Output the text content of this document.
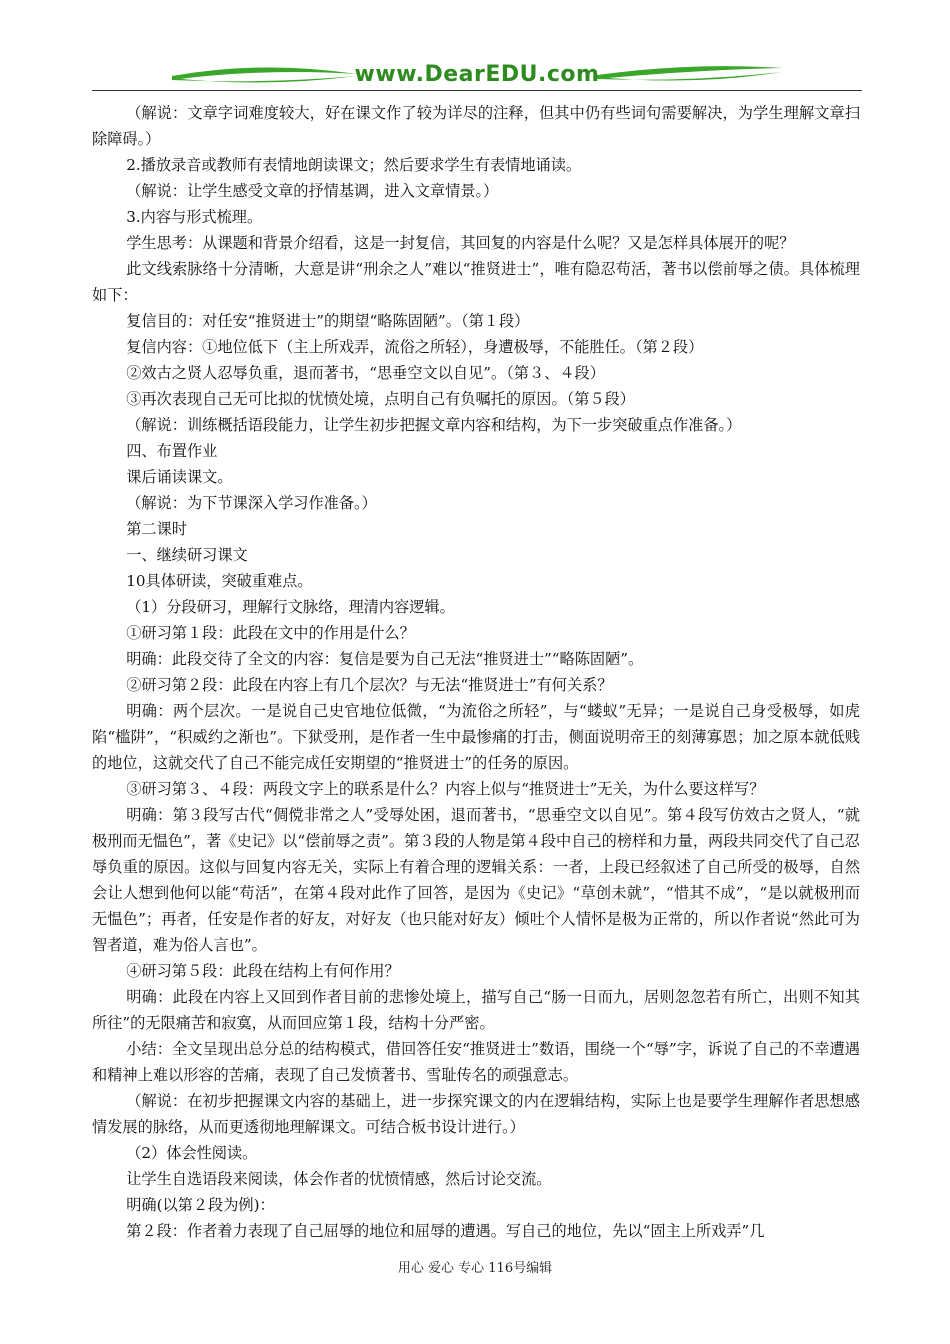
www.DearEDU.com

（解说：文章字词难度较大，好在课文作了较为详尽的注释，但其中仍有些词句需要解决，为学生理解文章扫除障碍。）

2.播放录音或教师有表情地朗读课文；然后要求学生有表情地诵读。

（解说：让学生感受文章的抒情基调，进入文章情景。）

3.内容与形式梳理。

学生思考：从课题和背景介绍看，这是一封复信，其回复的内容是什么呢？又是怎样具体展开的呢？

此文线索脉络十分清晰，大意是讲“刑余之人”难以“推贤进士”，唯有隐忍苟活，著书以偿前辱之债。具体梳理如下：

复信目的：对任安“推贤进士”的期望“略陈固陋”。（第１段）

复信内容：①地位低下（主上所戏弄，流俗之所轻），身遭极辱，不能胜任。（第２段）

②效古之贤人忍辱负重，退而著书，“思垂空文以自见”。（第３、４段）

③再次表现自己无可比拟的忧愤处境，点明自己有负嘱托的原因。（第５段）

（解说：训练概括语段能力，让学生初步把握文章内容和结构，为下一步突破重点作准备。）

四、布置作业

课后诵读课文。

（解说：为下节课深入学习作准备。）

第二课时

一、继续研习课文

10具体研读，突破重难点。

（1）分段研习，理解行文脉络，理清内容逻辑。

①研习第１段：此段在文中的作用是什么？

明确：此段交待了全文的内容：复信是要为自己无法“推贤进士”“略陈固陋”。

②研习第２段：此段在内容上有几个层次？与无法“推贤进士”有何关系？

明确：两个层次。一是说自己史官地位低微，“为流俗之所轻”，与“蝼蚁”无异；一是说自己身受极辱，如虎陷“槛阱”，“积威约之渐也”。下狱受刑，是作者一生中最惨痛的打击，侧面说明帝王的刻薄寡恩；加之原本就低贱的地位，这就交代了自己不能完成任安期望的“推贤进士”的任务的原因。

③研习第３、４段：两段文字上的联系是什么？内容上似与“推贤进士”无关，为什么要这样写？

明确：第３段写古代“倜傥非常之人”受辱处困，退而著书，“思垂空文以自见”。第４段写仿效古之贤人，“就极刑而无愠色”，著《史记》以“偿前辱之责”。第３段的人物是第４段中自己的榜样和力量，两段共同交代了自己忍辱负重的原因。这似与回复内容无关，实际上有着合理的逻辑关系：一者，上段已经叙述了自己所受的极辱，自然会让人想到他何以能“苟活”，在第４段对此作了回答，是因为《史记》“草创未就”，“惜其不成”，“是以就极刑而无愠色”；再者，任安是作者的好友，对好友（也只能对好友）倾吐个人情怀是极为正常的，所以作者说“然此可为智者道，难为俗人言也”。

④研习第５段：此段在结构上有何作用？

明确：此段在内容上又回到作者目前的悲惨处境上，描写自己“肠一日而九，居则忽忽若有所亡，出则不知其所往”的无限痛苦和寂寞，从而回应第１段，结构十分严密。

小结：全文呈现出总分总的结构模式，借回答任安“推贤进士”数语，围绕一个“辱”字，诉说了自己的不幸遭遇和精神上难以形容的苦痛，表现了自己发愤著书、雪耻传名的顽强意志。

（解说：在初步把握课文内容的基础上，进一步探究课文的内在逻辑结构，实际上也是要学生理解作者思想感情发展的脉络，从而更透彻地理解课文。可结合板书设计进行。）

（2）体会性阅读。

让学生自选语段来阅读，体会作者的忧愤情感，然后讨论交流。

明确(以第２段为例)：

第２段：作者着力表现了自己屈辱的地位和屈辱的遭遇。写自己的地位，先以“固主上所戏弄”几

用心 爱心 专心 116号编辑
